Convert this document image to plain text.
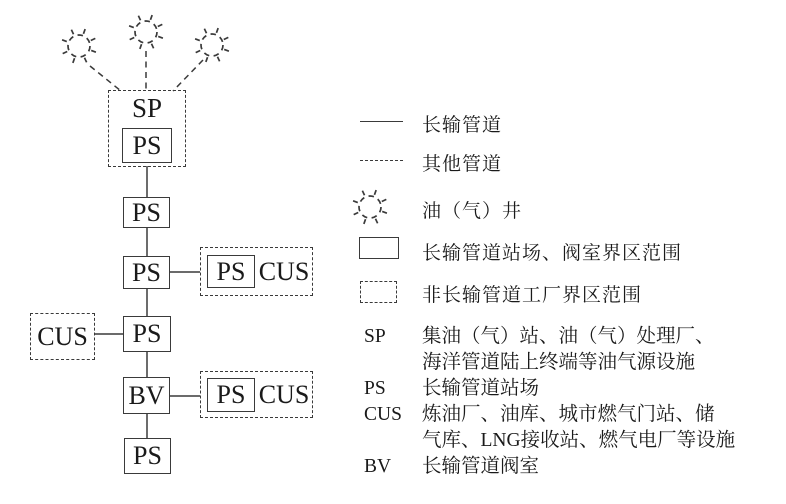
SP
PS
PS
PS PS CUS
CUS PS
BV PS CUS
PS
长输管道
其他管道
油（气）井
长输管道站场、阀室界区范围
非长输管道工厂界区范围
SP	集油（气）站、油（气）处理厂、
海洋管道陆上终端等油气源设施
PS	长输管道站场
CUS	炼油厂、油库、城市燃气门站、储
气库、LNG接收站、燃气电厂等设施
BV	长输管道阀室
